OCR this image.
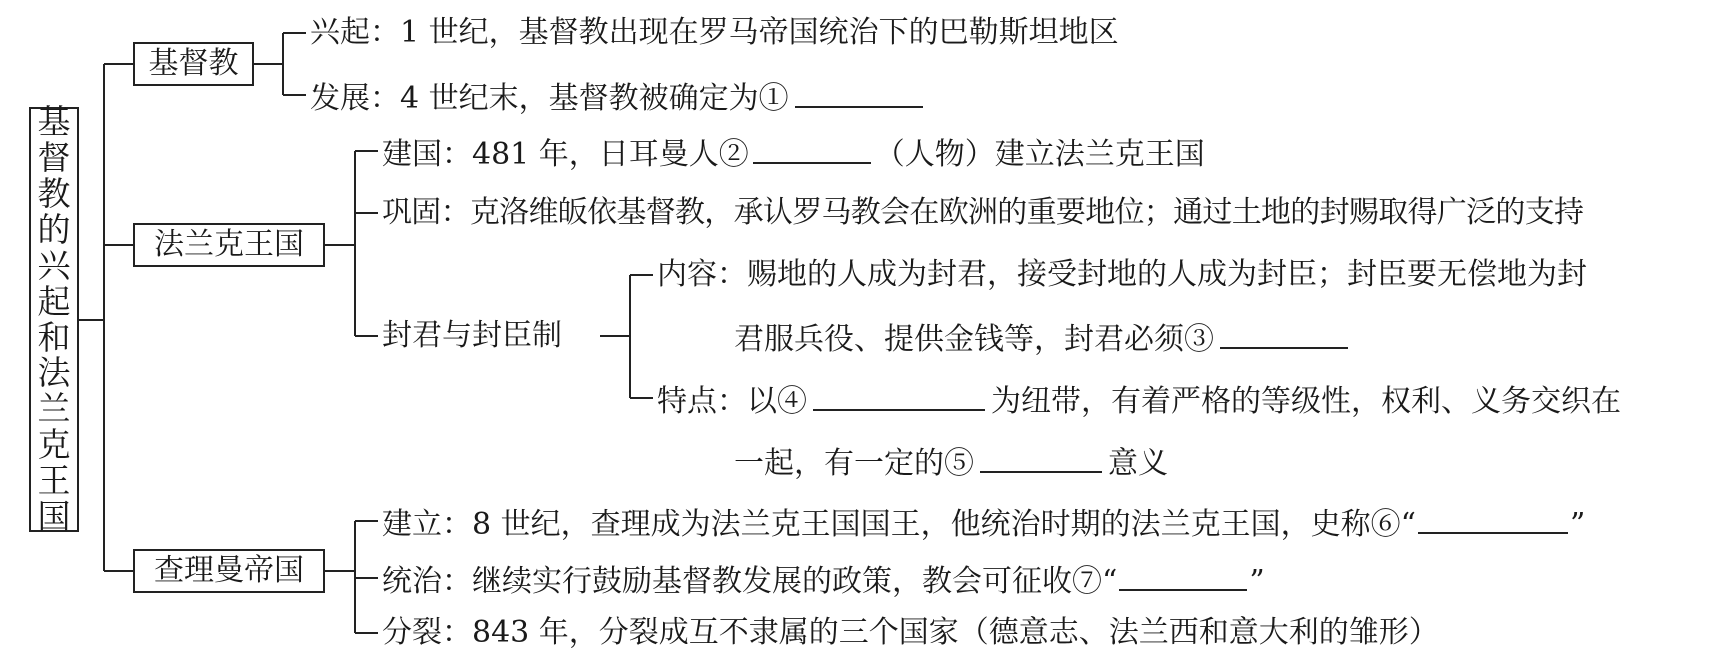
基
督
教
的
兴
起
和
法
兰
克
王
国
基督教
法兰克王国
查理曼帝国
兴起：1 世纪，基督教出现在罗马帝国统治下的巴勒斯坦地区
发展：4 世纪末，基督教被确定为①
建国：481 年，日耳曼人②	（人物）建立法兰克王国
巩固：克洛维皈依基督教，承认罗马教会在欧洲的重要地位；通过土地的封赐取得广泛的支持
封君与封臣制
内容：赐地的人成为封君，接受封地的人成为封臣；封臣要无偿地为封
君服兵役、提供金钱等，封君必须③
特点：以④	为纽带，有着严格的等级性，权利、义务交织在
一起，有一定的⑤	意义
建立：8 世纪，查理成为法兰克王国国王，他统治时期的法兰克王国，史称⑥“	”
统治：继续实行鼓励基督教发展的政策，教会可征收⑦“	”
分裂：843 年，分裂成互不隶属的三个国家（德意志、法兰西和意大利的雏形）
